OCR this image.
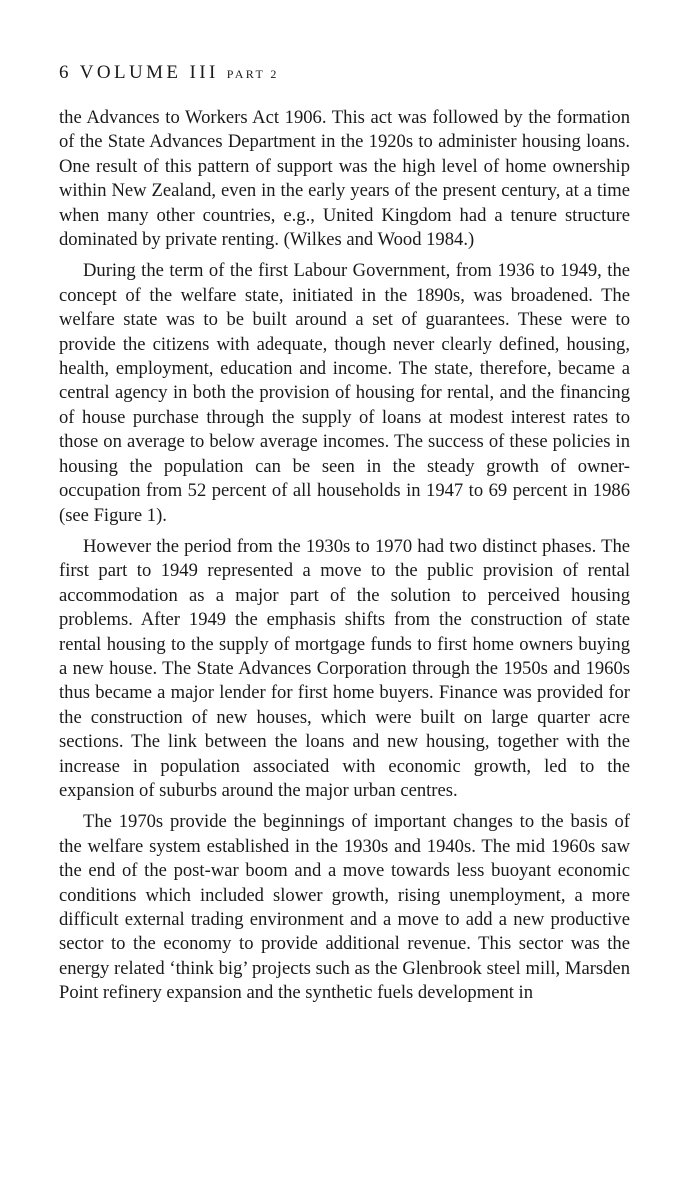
6 VOLUME III PART 2

the Advances to Workers Act 1906. This act was followed by the formation of the State Advances Department in the 1920s to administer housing loans. One result of this pattern of support was the high level of home ownership within New Zealand, even in the early years of the present century, at a time when many other countries, e.g., United Kingdom had a tenure structure dominated by private renting. (Wilkes and Wood 1984.)

During the term of the first Labour Government, from 1936 to 1949, the concept of the welfare state, initiated in the 1890s, was broadened. The welfare state was to be built around a set of guarantees. These were to provide the citizens with adequate, though never clearly defined, housing, health, employment, education and income. The state, therefore, became a central agency in both the provision of housing for rental, and the financing of house purchase through the supply of loans at modest interest rates to those on average to below average incomes. The success of these policies in housing the population can be seen in the steady growth of owner-occupation from 52 percent of all households in 1947 to 69 percent in 1986 (see Figure 1).

However the period from the 1930s to 1970 had two distinct phases. The first part to 1949 represented a move to the public provision of rental accommodation as a major part of the solution to perceived housing problems. After 1949 the emphasis shifts from the construction of state rental housing to the supply of mortgage funds to first home owners buying a new house. The State Advances Corporation through the 1950s and 1960s thus became a major lender for first home buyers. Finance was provided for the construction of new houses, which were built on large quarter acre sections. The link between the loans and new housing, together with the increase in population associated with economic growth, led to the expansion of suburbs around the major urban centres.

The 1970s provide the beginnings of important changes to the basis of the welfare system established in the 1930s and 1940s. The mid 1960s saw the end of the post-war boom and a move towards less buoyant economic conditions which included slower growth, rising unemployment, a more difficult external trading environment and a move to add a new productive sector to the economy to provide additional revenue. This sector was the energy related ‘think big’ projects such as the Glenbrook steel mill, Marsden Point refinery expansion and the synthetic fuels development in
